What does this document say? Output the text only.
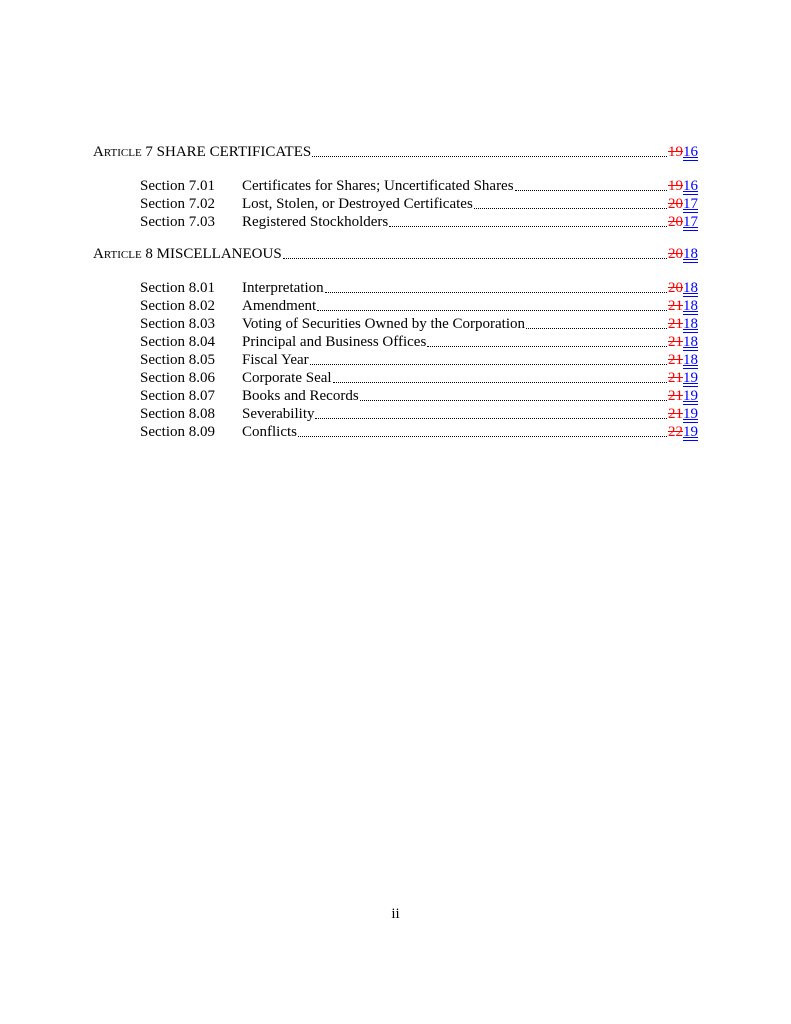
Article 7 SHARE CERTIFICATES	19 16
Section 7.01	Certificates for Shares; Uncertificated Shares	19 16
Section 7.02	Lost, Stolen, or Destroyed Certificates	20 17
Section 7.03	Registered Stockholders	20 17
Article 8 MISCELLANEOUS	20 18
Section 8.01	Interpretation	20 18
Section 8.02	Amendment	21 18
Section 8.03	Voting of Securities Owned by the Corporation	21 18
Section 8.04	Principal and Business Offices	21 18
Section 8.05	Fiscal Year	21 18
Section 8.06	Corporate Seal	21 19
Section 8.07	Books and Records	21 19
Section 8.08	Severability	21 19
Section 8.09	Conflicts	22 19
ii
